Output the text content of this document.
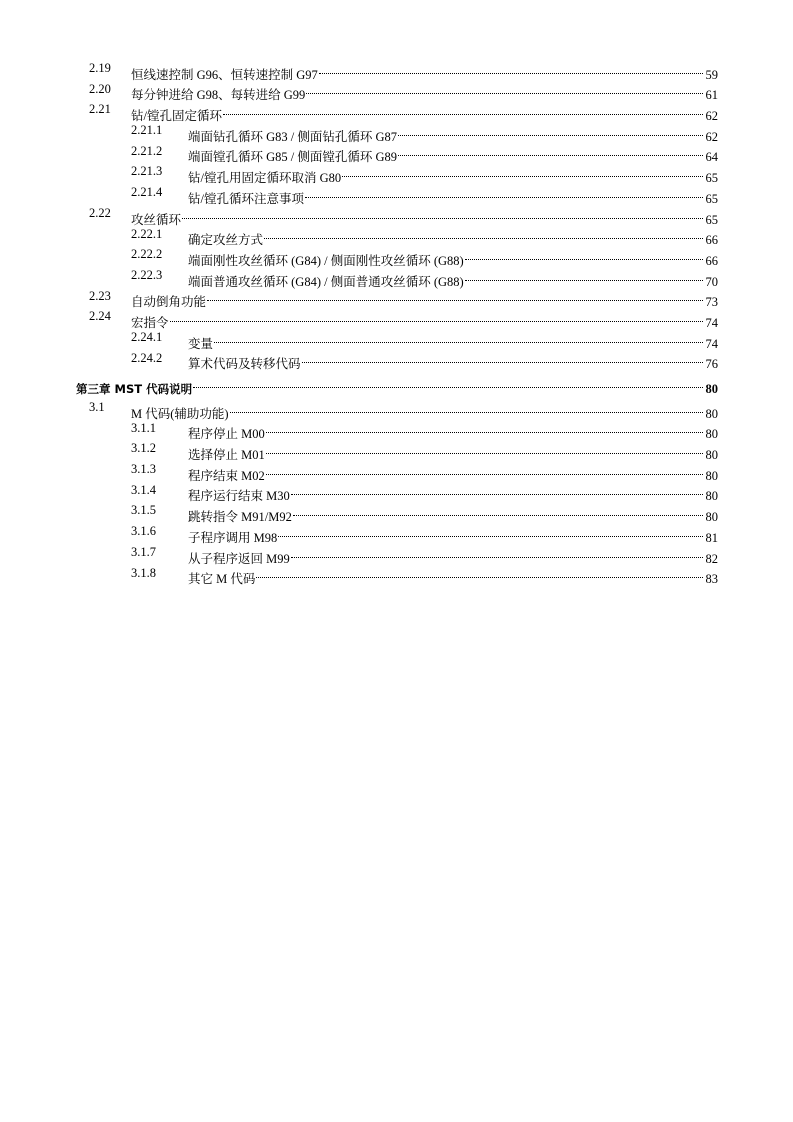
2.19 恒线速控制 G96、恒转速控制 G97	59
2.20 每分钟进给 G98、每转进给 G99	61
2.21 钻/镗孔固定循环	62
2.21.1 端面钻孔循环 G83 / 侧面钻孔循环 G87	62
2.21.2 端面镗孔循环 G85 / 侧面镗孔循环 G89	64
2.21.3 钻/镗孔用固定循环取消 G80	65
2.21.4 钻/镗孔循环注意事项	65
2.22 攻丝循环	65
2.22.1 确定攻丝方式	66
2.22.2 端面刚性攻丝循环 (G84) / 侧面刚性攻丝循环 (G88)	66
2.22.3 端面普通攻丝循环 (G84) / 侧面普通攻丝循环 (G88)	70
2.23 自动倒角功能	73
2.24 宏指令	74
2.24.1 变量	74
2.24.2 算术代码及转移代码	76
第三章 MST 代码说明	80
3.1 M 代码(辅助功能)	80
3.1.1	程序停止 M00	80
3.1.2	选择停止 M01	80
3.1.3	程序结束 M02	80
3.1.4	程序运行结束 M30	80
3.1.5	跳转指令 M91/M92	80
3.1.6	子程序调用 M98	81
3.1.7	从子程序返回 M99	82
3.1.8	其它 M 代码	83
